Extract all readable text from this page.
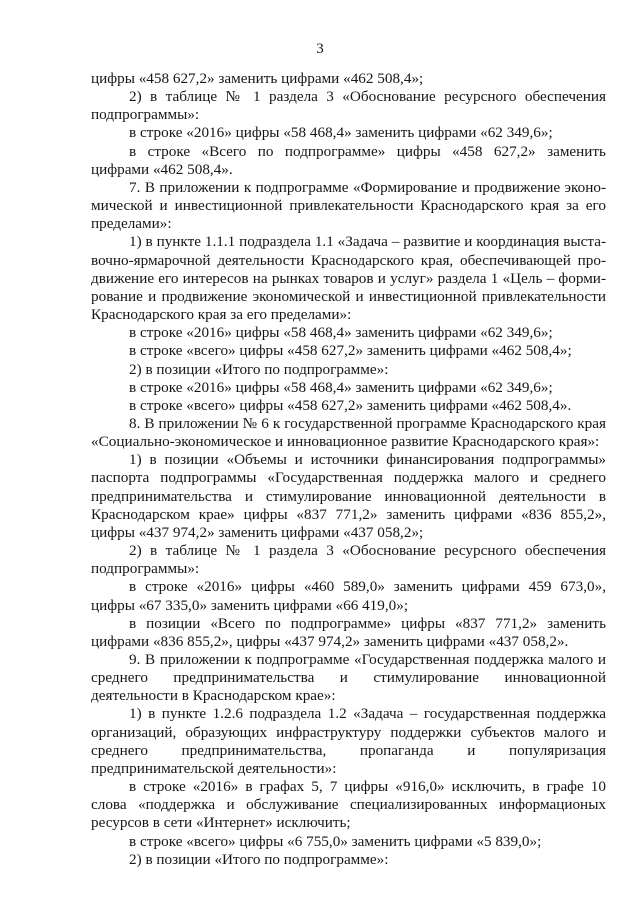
3

цифры «458 627,2» заменить цифрами «462 508,4»;

2) в таблице № 1 раздела 3 «Обоснование ресурсного обеспечения подпрограммы»:

в строке «2016» цифры «58 468,4» заменить цифрами «62 349,6»;

в строке «Всего по подпрограмме» цифры «458 627,2» заменить цифрами «462 508,4».

7. В приложении к подпрограмме «Формирование и продвижение экономической и инвестиционной привлекательности Краснодарского края за его пределами»:

1) в пункте 1.1.1 подраздела 1.1 «Задача – развитие и координация выставочно-ярмарочной деятельности Краснодарского края, обеспечивающей продвижение его интересов на рынках товаров и услуг» раздела 1 «Цель – формирование и продвижение экономической и инвестиционной привлекательности Краснодарского края за его пределами»:

в строке «2016» цифры «58 468,4» заменить цифрами «62 349,6»;

в строке «всего» цифры «458 627,2» заменить цифрами «462 508,4»;

2) в позиции «Итого по подпрограмме»:

в строке «2016» цифры «58 468,4» заменить цифрами «62 349,6»;

в строке «всего» цифры «458 627,2» заменить цифрами «462 508,4».

8. В приложении № 6 к государственной программе Краснодарского края «Социально-экономическое и инновационное развитие Краснодарского края»:

1) в позиции «Объемы и источники финансирования подпрограммы» паспорта подпрограммы «Государственная поддержка малого и среднего предпринимательства и стимулирование инновационной деятельности в Краснодарском крае» цифры «837 771,2» заменить цифрами «836 855,2», цифры «437 974,2» заменить цифрами «437 058,2»;

2) в таблице № 1 раздела 3 «Обоснование ресурсного обеспечения подпрограммы»:

в строке «2016» цифры «460 589,0» заменить цифрами 459 673,0», цифры «67 335,0» заменить цифрами «66 419,0»;

в позиции «Всего по подпрограмме» цифры «837 771,2» заменить цифрами «836 855,2», цифры «437 974,2» заменить цифрами «437 058,2».

9. В приложении к подпрограмме «Государственная поддержка малого и среднего предпринимательства и стимулирование инновационной деятельности в Краснодарском крае»:

1) в пункте 1.2.6 подраздела 1.2 «Задача – государственная поддержка организаций, образующих инфраструктуру поддержки субъектов малого и среднего предпринимательства, пропаганда и популяризация предпринимательской деятельности»:

в строке «2016» в графах 5, 7 цифры «916,0» исключить, в графе 10 слова «поддержка и обслуживание специализированных информационых ресурсов в сети «Интернет» исключить;

в строке «всего» цифры «6 755,0» заменить цифрами «5 839,0»;

2) в позиции «Итого по подпрограмме»:
